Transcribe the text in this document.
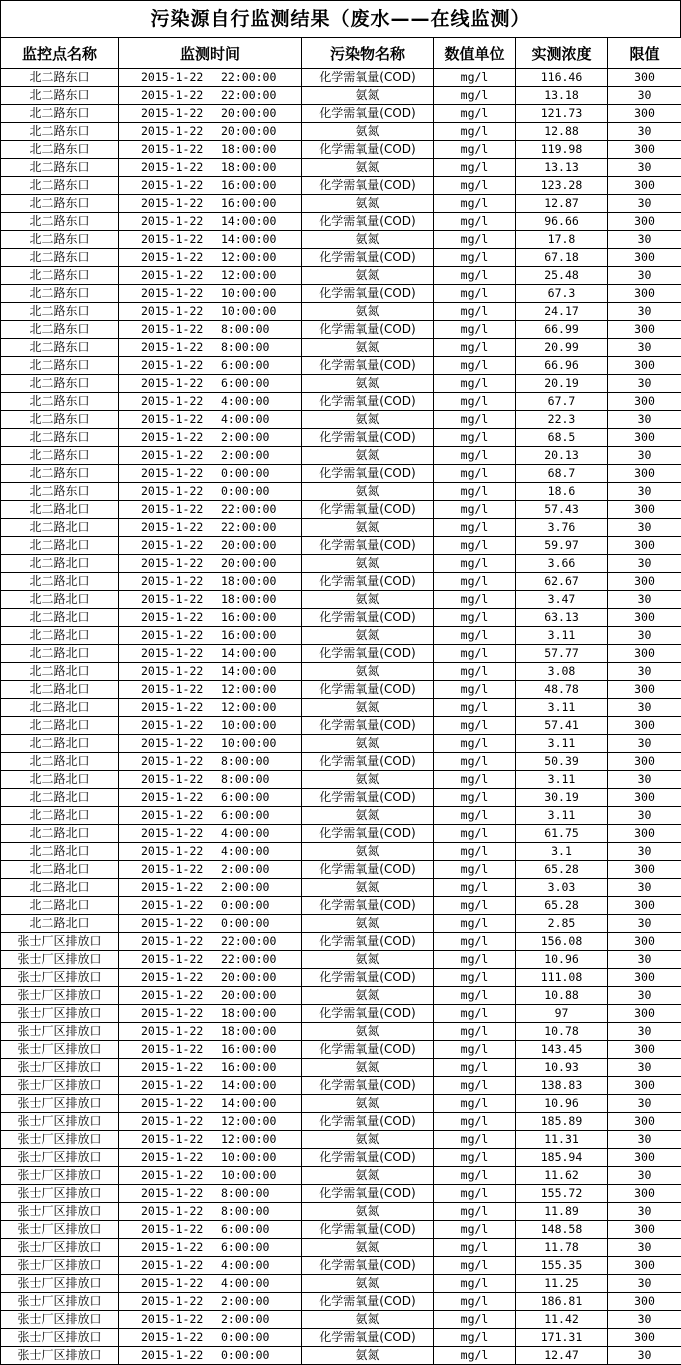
污染源自行监测结果（废水——在线监测）
监控点名称	监测时间	污染物名称	数值单位	实测浓度	限值
北二路东口	2015-1-22 22:00:00	化学需氧量(COD)	mg/l	116.46	300
北二路东口	2015-1-22 22:00:00	氨氮	mg/l	13.18	30
北二路东口	2015-1-22 20:00:00	化学需氧量(COD)	mg/l	121.73	300
北二路东口	2015-1-22 20:00:00	氨氮	mg/l	12.88	30
北二路东口	2015-1-22 18:00:00	化学需氧量(COD)	mg/l	119.98	300
北二路东口	2015-1-22 18:00:00	氨氮	mg/l	13.13	30
北二路东口	2015-1-22 16:00:00	化学需氧量(COD)	mg/l	123.28	300
北二路东口	2015-1-22 16:00:00	氨氮	mg/l	12.87	30
北二路东口	2015-1-22 14:00:00	化学需氧量(COD)	mg/l	96.66	300
北二路东口	2015-1-22 14:00:00	氨氮	mg/l	17.8	30
北二路东口	2015-1-22 12:00:00	化学需氧量(COD)	mg/l	67.18	300
北二路东口	2015-1-22 12:00:00	氨氮	mg/l	25.48	30
北二路东口	2015-1-22 10:00:00	化学需氧量(COD)	mg/l	67.3	300
北二路东口	2015-1-22 10:00:00	氨氮	mg/l	24.17	30
北二路东口	2015-1-22 8:00:00	化学需氧量(COD)	mg/l	66.99	300
北二路东口	2015-1-22 8:00:00	氨氮	mg/l	20.99	30
北二路东口	2015-1-22 6:00:00	化学需氧量(COD)	mg/l	66.96	300
北二路东口	2015-1-22 6:00:00	氨氮	mg/l	20.19	30
北二路东口	2015-1-22 4:00:00	化学需氧量(COD)	mg/l	67.7	300
北二路东口	2015-1-22 4:00:00	氨氮	mg/l	22.3	30
北二路东口	2015-1-22 2:00:00	化学需氧量(COD)	mg/l	68.5	300
北二路东口	2015-1-22 2:00:00	氨氮	mg/l	20.13	30
北二路东口	2015-1-22 0:00:00	化学需氧量(COD)	mg/l	68.7	300
北二路东口	2015-1-22 0:00:00	氨氮	mg/l	18.6	30
北二路北口	2015-1-22 22:00:00	化学需氧量(COD)	mg/l	57.43	300
北二路北口	2015-1-22 22:00:00	氨氮	mg/l	3.76	30
北二路北口	2015-1-22 20:00:00	化学需氧量(COD)	mg/l	59.97	300
北二路北口	2015-1-22 20:00:00	氨氮	mg/l	3.66	30
北二路北口	2015-1-22 18:00:00	化学需氧量(COD)	mg/l	62.67	300
北二路北口	2015-1-22 18:00:00	氨氮	mg/l	3.47	30
北二路北口	2015-1-22 16:00:00	化学需氧量(COD)	mg/l	63.13	300
北二路北口	2015-1-22 16:00:00	氨氮	mg/l	3.11	30
北二路北口	2015-1-22 14:00:00	化学需氧量(COD)	mg/l	57.77	300
北二路北口	2015-1-22 14:00:00	氨氮	mg/l	3.08	30
北二路北口	2015-1-22 12:00:00	化学需氧量(COD)	mg/l	48.78	300
北二路北口	2015-1-22 12:00:00	氨氮	mg/l	3.11	30
北二路北口	2015-1-22 10:00:00	化学需氧量(COD)	mg/l	57.41	300
北二路北口	2015-1-22 10:00:00	氨氮	mg/l	3.11	30
北二路北口	2015-1-22 8:00:00	化学需氧量(COD)	mg/l	50.39	300
北二路北口	2015-1-22 8:00:00	氨氮	mg/l	3.11	30
北二路北口	2015-1-22 6:00:00	化学需氧量(COD)	mg/l	30.19	300
北二路北口	2015-1-22 6:00:00	氨氮	mg/l	3.11	30
北二路北口	2015-1-22 4:00:00	化学需氧量(COD)	mg/l	61.75	300
北二路北口	2015-1-22 4:00:00	氨氮	mg/l	3.1	30
北二路北口	2015-1-22 2:00:00	化学需氧量(COD)	mg/l	65.28	300
北二路北口	2015-1-22 2:00:00	氨氮	mg/l	3.03	30
北二路北口	2015-1-22 0:00:00	化学需氧量(COD)	mg/l	65.28	300
北二路北口	2015-1-22 0:00:00	氨氮	mg/l	2.85	30
张士厂区排放口	2015-1-22 22:00:00	化学需氧量(COD)	mg/l	156.08	300
张士厂区排放口	2015-1-22 22:00:00	氨氮	mg/l	10.96	30
张士厂区排放口	2015-1-22 20:00:00	化学需氧量(COD)	mg/l	111.08	300
张士厂区排放口	2015-1-22 20:00:00	氨氮	mg/l	10.88	30
张士厂区排放口	2015-1-22 18:00:00	化学需氧量(COD)	mg/l	97	300
张士厂区排放口	2015-1-22 18:00:00	氨氮	mg/l	10.78	30
张士厂区排放口	2015-1-22 16:00:00	化学需氧量(COD)	mg/l	143.45	300
张士厂区排放口	2015-1-22 16:00:00	氨氮	mg/l	10.93	30
张士厂区排放口	2015-1-22 14:00:00	化学需氧量(COD)	mg/l	138.83	300
张士厂区排放口	2015-1-22 14:00:00	氨氮	mg/l	10.96	30
张士厂区排放口	2015-1-22 12:00:00	化学需氧量(COD)	mg/l	185.89	300
张士厂区排放口	2015-1-22 12:00:00	氨氮	mg/l	11.31	30
张士厂区排放口	2015-1-22 10:00:00	化学需氧量(COD)	mg/l	185.94	300
张士厂区排放口	2015-1-22 10:00:00	氨氮	mg/l	11.62	30
张士厂区排放口	2015-1-22 8:00:00	化学需氧量(COD)	mg/l	155.72	300
张士厂区排放口	2015-1-22 8:00:00	氨氮	mg/l	11.89	30
张士厂区排放口	2015-1-22 6:00:00	化学需氧量(COD)	mg/l	148.58	300
张士厂区排放口	2015-1-22 6:00:00	氨氮	mg/l	11.78	30
张士厂区排放口	2015-1-22 4:00:00	化学需氧量(COD)	mg/l	155.35	300
张士厂区排放口	2015-1-22 4:00:00	氨氮	mg/l	11.25	30
张士厂区排放口	2015-1-22 2:00:00	化学需氧量(COD)	mg/l	186.81	300
张士厂区排放口	2015-1-22 2:00:00	氨氮	mg/l	11.42	30
张士厂区排放口	2015-1-22 0:00:00	化学需氧量(COD)	mg/l	171.31	300
张士厂区排放口	2015-1-22 0:00:00	氨氮	mg/l	12.47	30
